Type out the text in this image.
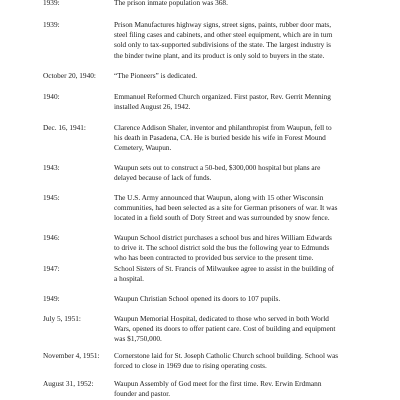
1939:	The prison inmate population was 368.
1939:	Prison Manufactures highway signs, street signs, paints, rubber door mats,
steel filing cases and cabinets, and other steel equipment, which are in turn
sold only to tax-supported subdivisions of the state. The largest industry is
the binder twine plant, and its product is only sold to buyers in the state.
October 20, 1940: “The Pioneers” is dedicated.
1940:	Emmanuel Reformed Church organized. First pastor, Rev. Gerrit Menning
installed August 26, 1942.
Dec. 16, 1941:	Clarence Addison Shaler, inventor and philanthropist from Waupun, fell to
his death in Pasadena, CA. He is buried beside his wife in Forest Mound
Cemetery, Waupun.
1943:	Waupun sets out to construct a 50-bed, $300,000 hospital but plans are
delayed because of lack of funds.
1945:	The U.S. Army announced that Waupun, along with 15 other Wisconsin
communities, had been selected as a site for German prisoners of war. It was
located in a field south of Doty Street and was surrounded by snow fence.
1946:	Waupun School district purchases a school bus and hires William Edwards
to drive it. The school district sold the bus the following year to Edmunds
who has been contracted to provided bus service to the present time.
1947:	School Sisters of St. Francis of Milwaukee agree to assist in the building of
a hospital.
1949:	Waupun Christian School opened its doors to 107 pupils.
July 5, 1951:	Waupun Memorial Hospital, dedicated to those who served in both World
Wars, opened its doors to offer patient care. Cost of building and equipment
was $1,750,000.
November 4, 1951: Cornerstone laid for St. Joseph Catholic Church school building. School was
forced to close in 1969 due to rising operating costs.
August 31, 1952:	Waupun Assembly of God meet for the first time. Rev. Erwin Erdmann
founder and pastor.
